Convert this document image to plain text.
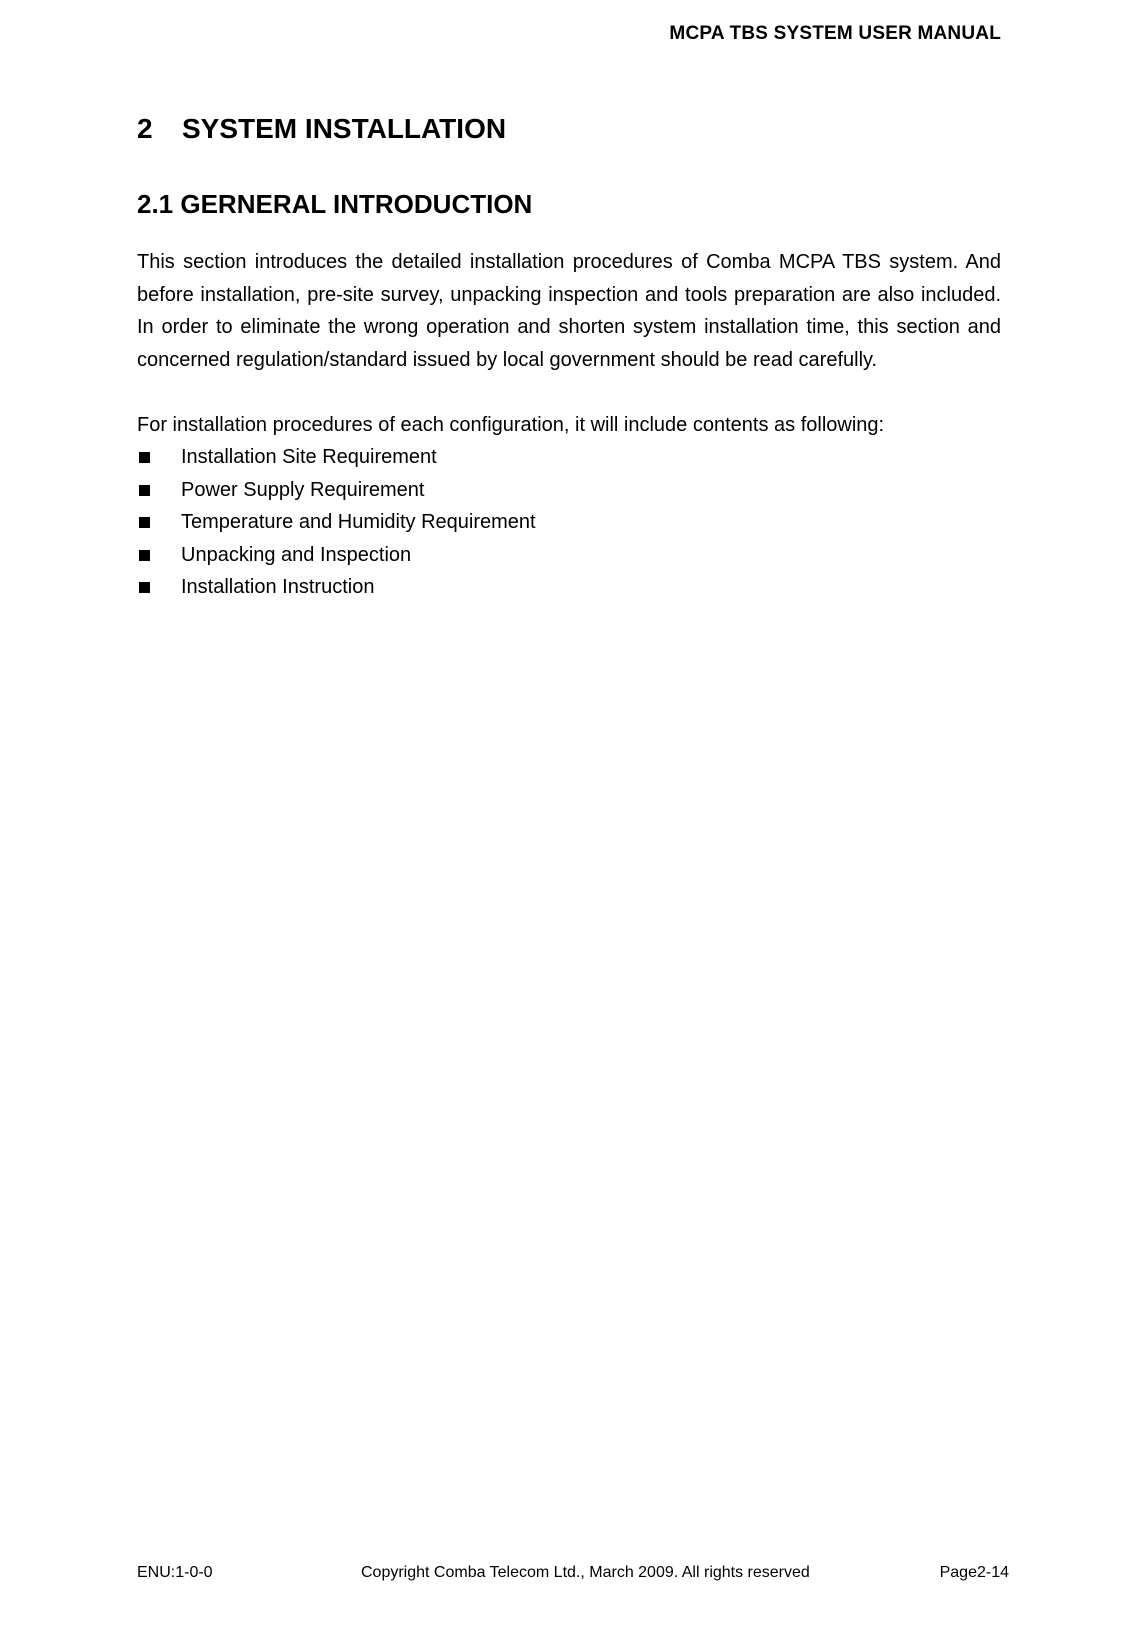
MCPA TBS SYSTEM USER MANUAL
2 SYSTEM INSTALLATION
2.1 GERNERAL INTRODUCTION

This section introduces the detailed installation procedures of Comba MCPA TBS system. And before installation, pre-site survey, unpacking inspection and tools preparation are also included. In order to eliminate the wrong operation and shorten system installation time, this section and concerned regulation/standard issued by local government should be read carefully.

For installation procedures of each configuration, it will include contents as following:

Installation Site Requirement
Power Supply Requirement
Temperature and Humidity Requirement
Unpacking and Inspection
Installation Instruction
ENU:1-0-0	Copyright Comba Telecom Ltd., March 2009. All rights reserved	Page2-14
